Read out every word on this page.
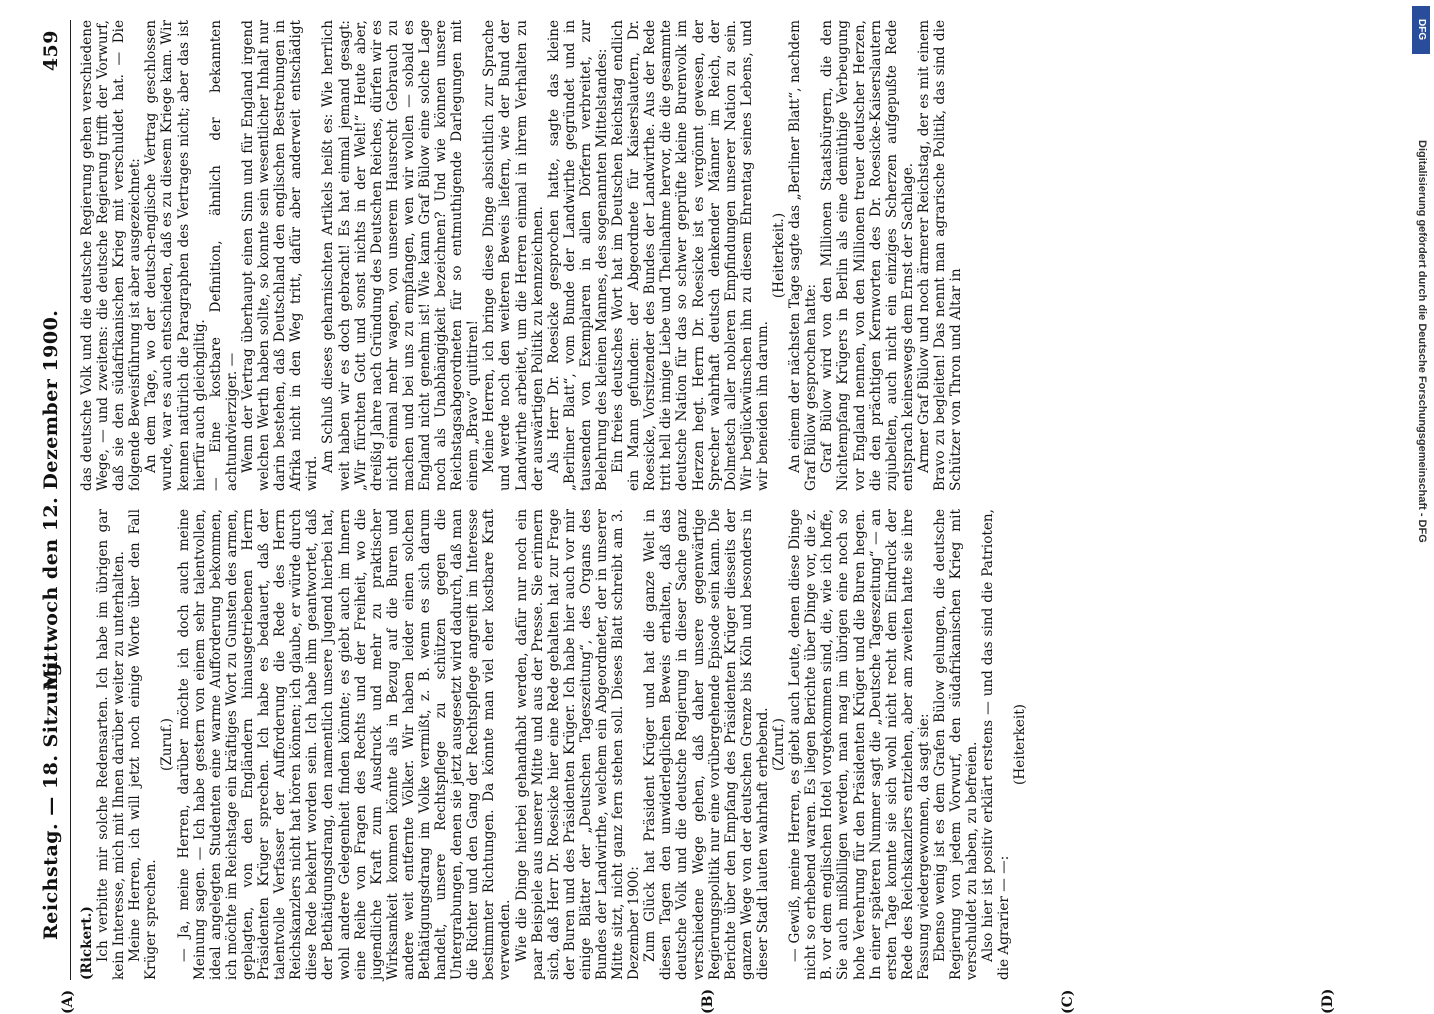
Reichstag. — 18. Sitzung.
Mittwoch den 12. Dezember 1900.
459

(Rickert.) Ich verbitte mir solche Redensarten. Ich habe im übrigen gar kein Interesse, mich mit Ihnen darüber weiter zu unterhalten. Meine Herren, ich will jetzt noch einige Worte über den Fall Krüger sprechen.

(Zuruf.) — Ja, meine Herren, darüber möchte ich doch auch meine Meinung sagen. — Ich habe gestern von einem sehr talentvollen, ideal angelegten Studenten eine warme Aufforderung bekommen, ich möchte im Reichstage ein kräftiges Wort zu Gunsten des armen, geplagten, von den Engländern hinausgetriebenen Herrn Präsidenten Krüger sprechen. Ich habe es bedauert, daß der talentvolle Verfasser der Aufforderung die Rede des Herrn Reichskanzlers nicht hat hören können; ich glaube, er würde durch diese Rede bekehrt worden sein. Ich habe ihm geantwortet, daß der Bethätigungsdrang, den namentlich unsere Jugend hierbei hat, wohl andere Gelegenheit finden könnte; es giebt auch im Innern eine Reihe von Fragen des Rechts und der Freiheit, wo die jugendliche Kraft zum Ausdruck und mehr zu praktischer Wirksamkeit kommen könnte als in Bezug auf die Buren und andere weit entfernte Völker. Wir haben leider einen solchen Bethätigungsdrang im Volke vermißt, z. B. wenn es sich darum handelt, unsere Rechtspflege zu schützen gegen die Untergrabungen, denen sie jetzt ausgesetzt wird dadurch, daß man die Richter und den Gang der Rechtspflege angreift im Interesse bestimmter Richtungen. Da könnte man viel eher kostbare Kraft verwenden. Wie die Dinge hierbei gehandhabt werden, dafür nur noch ein paar Beispiele aus unserer Mitte und aus der Presse. Sie erinnern sich, daß Herr Dr. Roesicke hier eine Rede gehalten hat zur Frage der Buren und des Präsidenten Krüger. Ich habe hier auch vor mir einige Blätter der „Deutschen Tageszeitung“, des Organs des Bundes der Landwirthe, welchem ein Abgeordneter, der in unserer Mitte sitzt, nicht ganz fern stehen soll. Dieses Blatt schreibt am 3. Dezember 1900: Zum Glück hat Präsident Krüger und hat die ganze Welt in diesen Tagen den unwiderleglichen Beweis erhalten, daß das deutsche Volk und die deutsche Regierung in dieser Sache ganz verschiedene Wege gehen, daß daher unsere gegenwärtige Regierungspolitik nur eine vorübergehende Episode sein kann. Die Berichte über den Empfang des Präsidenten Krüger diesseits der ganzen Wege von der deutschen Grenze bis Köln und besonders in dieser Stadt lauten wahrhaft erhebend. (Zuruf.) — Gewiß, meine Herren, es giebt auch Leute, denen diese Dinge nicht so erhebend waren. Es liegen Berichte über Dinge vor, die z. B. vor dem englischen Hotel vorgekommen sind, die, wie ich hoffe, Sie auch mißbilligen werden, man mag im übrigen eine noch so hohe Verehrung für den Präsidenten Krüger und die Buren hegen. In einer späteren Nummer sagt die „Deutsche Tageszeitung“ — an ersten Tage konnte sie sich wohl nicht recht dem Eindruck der Rede des Reichskanzlers entziehen, aber am zweiten hatte sie ihre Fassung wiedergewonnen, da sagt sie: Ebenso wenig ist es dem Grafen Bülow gelungen, die deutsche Regierung von jedem Vorwurf, den südafrikanischen Krieg mit verschuldet zu haben, zu befreien. Also hier ist positiv erklärt erstens — und das sind die Patrioten, die Agrarier — —:

(Heiterkeit)

das deutsche Volk und die deutsche Regierung gehen verschiedene Wege, — und zweitens: die deutsche Regierung trifft der Vorwurf, daß sie den südafrikanischen Krieg mit verschuldet hat. — Die folgende Beweisführung ist aber ausgezeichnet: An dem Tage, wo der deutsch-englische Vertrag geschlossen wurde, war es auch entschieden, daß es zu diesem Kriege kam. Wir kennen natürlich die Paragraphen des Vertrages nicht; aber das ist hierfür auch gleichgiltig. — Eine kostbare Definition, ähnlich der bekannten achtundvierziger. — Wenn der Vertrag überhaupt einen Sinn und für England irgend welchen Werth haben sollte, so konnte sein wesentlicher Inhalt nur darin bestehen, daß Deutschland den englischen Bestrebungen in Afrika nicht in den Weg tritt, dafür aber anderweit entschädigt wird.

Am Schluß dieses geharnischten Artikels heißt es: Wie herrlich weit haben wir es doch gebracht! Es hat einmal jemand gesagt: „Wir fürchten Gott und sonst nichts in der Welt!“ Heute aber, dreißig Jahre nach Gründung des Deutschen Reiches, dürfen wir es nicht einmal mehr wagen, von unserem Hausrecht Gebrauch zu machen und bei uns zu empfangen, wen wir wollen — sobald es England nicht genehm ist! Wie kann Graf Bülow eine solche Lage noch als Unabhängigkeit bezeichnen? Und wie können unsere Reichstagsabgeordneten für so entmuthigende Darlegungen mit einem „Bravo“ quittiren! Meine Herren, ich bringe diese Dinge absichtlich zur Sprache und werde noch den weiteren Beweis liefern, wie der Bund der Landwirthe arbeitet, um die Herren einmal in ihrem Verhalten zu der auswärtigen Politik zu kennzeichnen. Als Herr Dr. Roesicke gesprochen hatte, sagte das kleine „Berliner Blatt“, vom Bunde der Landwirthe gegründet und in tausenden von Exemplaren in allen Dörfern verbreitet, zur Belehrung des kleinen Mannes, des sogenannten Mittelstandes: Ein freies deutsches Wort hat im Deutschen Reichstag endlich ein Mann gefunden: der Abgeordnete für Kaiserslautern, Dr. Roesicke, Vorsitzender des Bundes der Landwirthe. Aus der Rede tritt hell die innige Liebe und Theilnahme hervor, die die gesammte deutsche Nation für das so schwer geprüfte kleine Burenvolk im Herzen hegt. Herrn Dr. Roesicke ist es vergönnt gewesen, der Sprecher wahrhaft deutsch denkender Männer im Reich, der Dolmetsch aller nobleren Empfindungen unserer Nation zu sein. Wir beglückwünschen ihn zu diesem Ehrentag seines Lebens, und wir beneiden ihn darum.

(Heiterkeit.) An einem der nächsten Tage sagte das „Berliner Blatt“, nachdem Graf Bülow gesprochen hatte: Graf Bülow wird von den Millionen Staatsbürgern, die den Nichtempfang Krügers in Berlin als eine demüthige Verbeugung vor England nennen, von den Millionen treuer deutscher Herzen, die den prächtigen Kernworten des Dr. Roesicke-Kaiserslautern zujubelten, auch nicht ein einziges Scherzen aufgepußte Rede entsprach keineswegs dem Ernst der Sachlage. Armer Graf Bülow und noch ärmerer Reichstag, der es mit einem Bravo zu begleiten! Das nennt man agrarische Politik, das sind die Schützer von Thron und Altar in

(A)	(B)	(C)	(D)
DFG
Digitalisierung gefördert durch die Deutsche Forschungsgemeinschaft - DFG
